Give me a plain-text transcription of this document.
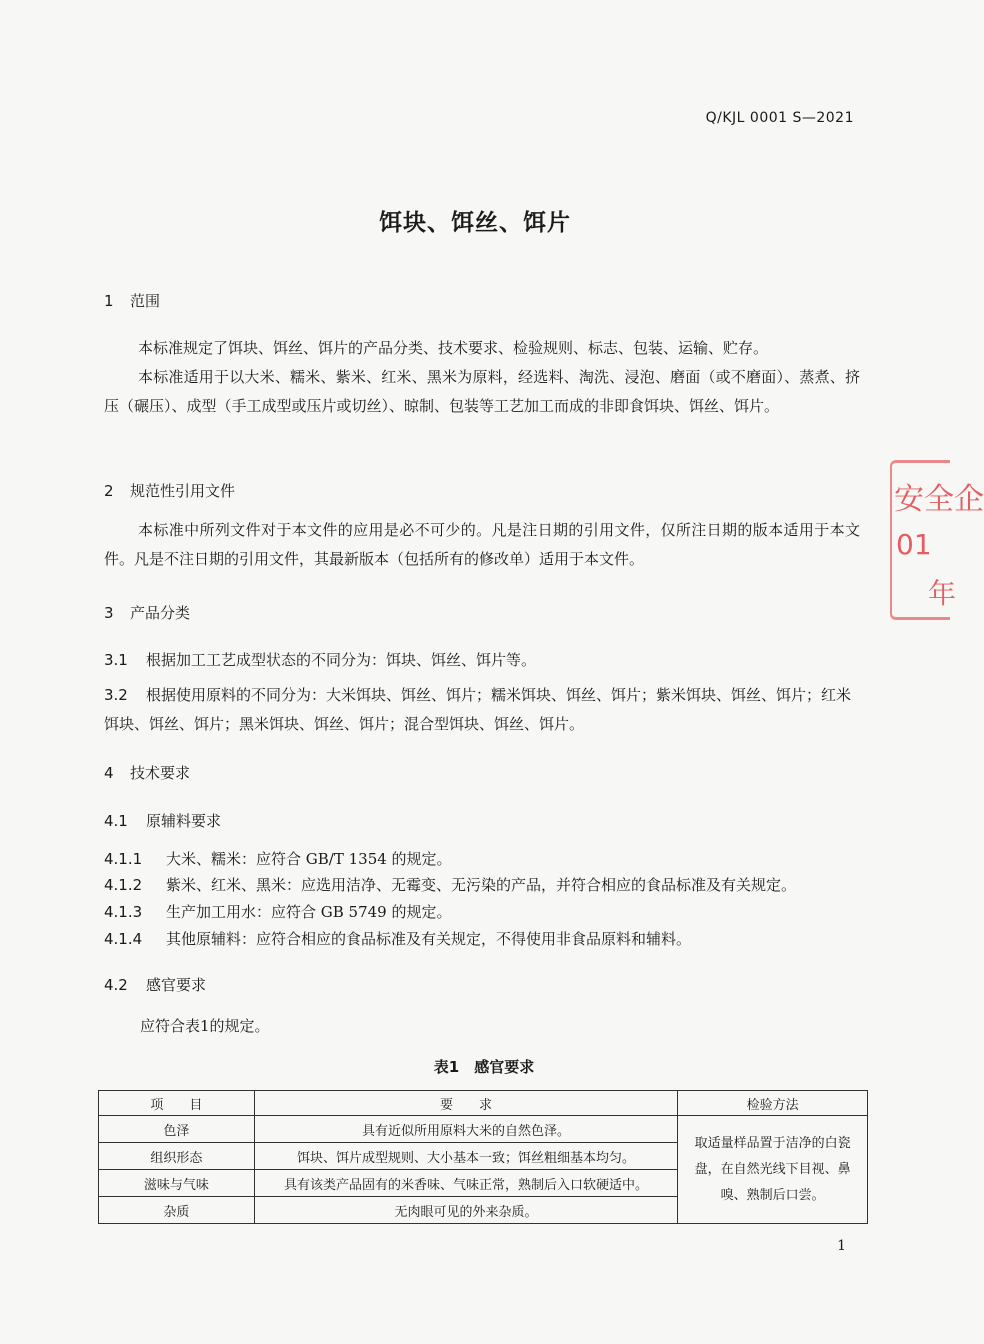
Q/KJL 0001 S—2021
饵块、饵丝、饵片
1 范围
本标准规定了饵块、饵丝、饵片的产品分类、技术要求、检验规则、标志、包装、运输、贮存。
本标准适用于以大米、糯米、紫米、红米、黑米为原料，经选料、淘洗、浸泡、磨面（或不磨面）、蒸煮、挤压（碾压）、成型（手工成型或压片或切丝）、晾制、包装等工艺加工而成的非即食饵块、饵丝、饵片。
2 规范性引用文件
本标准中所列文件对于本文件的应用是必不可少的。凡是注日期的引用文件，仅所注日期的版本适用于本文件。凡是不注日期的引用文件，其最新版本（包括所有的修改单）适用于本文件。
3 产品分类
3.1 根据加工工艺成型状态的不同分为：饵块、饵丝、饵片等。
3.2 根据使用原料的不同分为：大米饵块、饵丝、饵片；糯米饵块、饵丝、饵片；紫米饵块、饵丝、饵片；红米饵块、饵丝、饵片；黑米饵块、饵丝、饵片；混合型饵块、饵丝、饵片。
4 技术要求
4.1 原辅料要求
4.1.1 大米、糯米：应符合 GB/T 1354 的规定。
4.1.2 紫米、红米、黑米：应选用洁净、无霉变、无污染的产品，并符合相应的食品标准及有关规定。
4.1.3 生产加工用水：应符合 GB 5749 的规定。
4.1.4 其他原辅料：应符合相应的食品标准及有关规定，不得使用非食品原料和辅料。
4.2 感官要求
应符合表1的规定。
表1　感官要求
项　　目	要　　求	检验方法
色泽	具有近似所用原料大米的自然色泽。	取适量样品置于洁净的白瓷盘，在自然光线下目视、鼻嗅、熟制后口尝。
组织形态	饵块、饵片成型规则、大小基本一致；饵丝粗细基本均匀。	
滋味与气味	具有该类产品固有的米香味、气味正常，熟制后入口软硬适中。	
杂质	无肉眼可见的外来杂质。	
1
安全企
01
年
